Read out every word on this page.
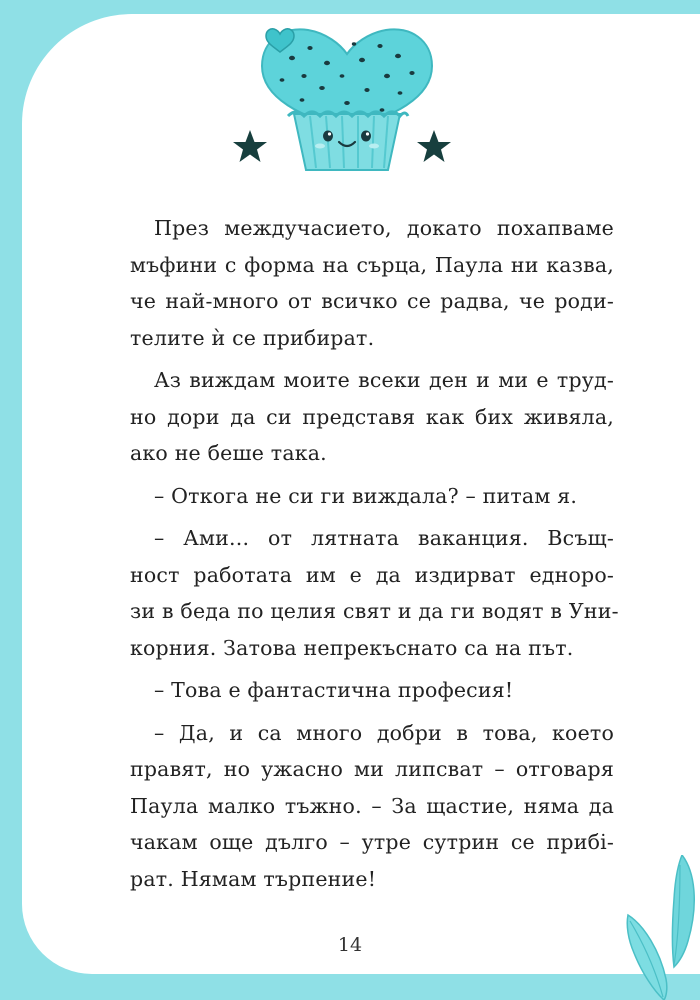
През междучасието, докато похапваме
мъфини с форма на сърца, Паула ни казва,
че най-много от всичко се радва, че роди-
телите ѝ се прибират.

Аз виждам моите всеки ден и ми е труд-
но дори да си представя как бих живяла,
ако не беше така.

– Откога не си ги виждала? – питам я.

– Ами... от лятната ваканция. Всъщ-
ност работата им е да издирват еднoро-
зи в беда по целия свят и да ги водят в Уни-
корния. Затова непрекъснато са на път.

– Това е фантастична професия!

– Да, и са много добри в това, което
правят, но ужасно ми липсват – отговаря
Паула малко тъжно. – За щастие, няма да
чакам още дълго – утре сутрин се прибi-
рат. Нямам търпение!

14
